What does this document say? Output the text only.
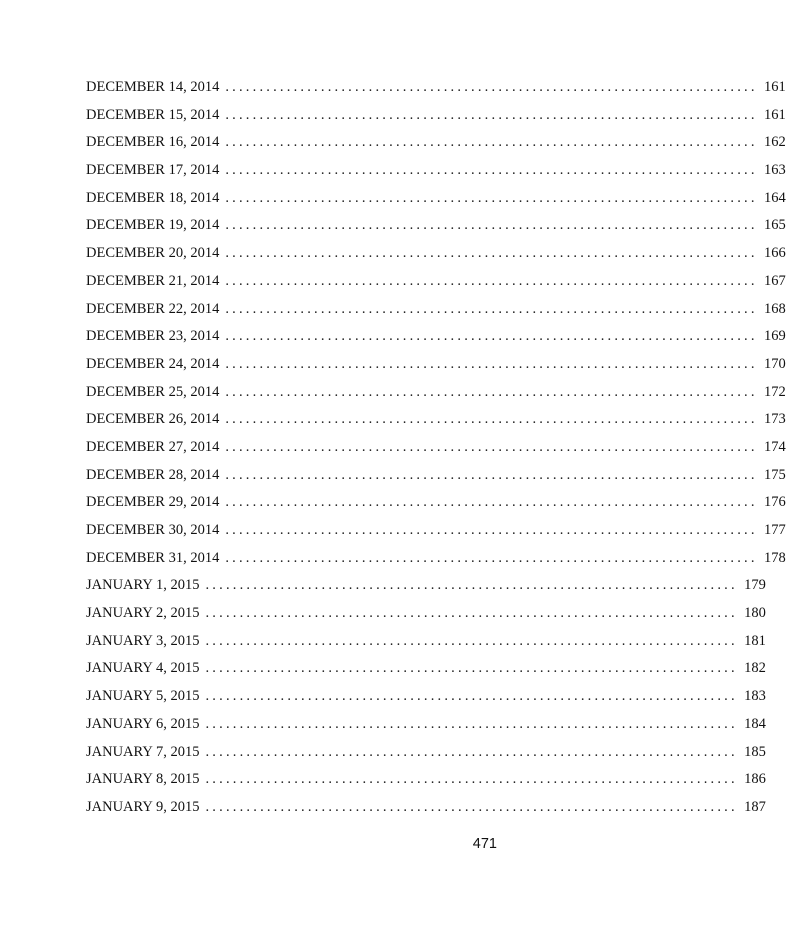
DECEMBER 14, 2014 .............................................................................. 161
DECEMBER 15, 2014 .............................................................................. 161
DECEMBER 16, 2014 .............................................................................. 162
DECEMBER 17, 2014 .............................................................................. 163
DECEMBER 18, 2014 .............................................................................. 164
DECEMBER 19, 2014 .............................................................................. 165
DECEMBER 20, 2014 .............................................................................. 166
DECEMBER 21, 2014 .............................................................................. 167
DECEMBER 22, 2014 .............................................................................. 168
DECEMBER 23, 2014 .............................................................................. 169
DECEMBER 24, 2014 .............................................................................. 170
DECEMBER 25, 2014 .............................................................................. 172
DECEMBER 26, 2014 .............................................................................. 173
DECEMBER 27, 2014 .............................................................................. 174
DECEMBER 28, 2014 .............................................................................. 175
DECEMBER 29, 2014 .............................................................................. 176
DECEMBER 30, 2014 .............................................................................. 177
DECEMBER 31, 2014 .............................................................................. 178
JANUARY 1, 2015 .............................................................................. 179
JANUARY 2, 2015 .............................................................................. 180
JANUARY 3, 2015 .............................................................................. 181
JANUARY 4, 2015 .............................................................................. 182
JANUARY 5, 2015 .............................................................................. 183
JANUARY 6, 2015 .............................................................................. 184
JANUARY 7, 2015 .............................................................................. 185
JANUARY 8, 2015 .............................................................................. 186
JANUARY 9, 2015 .............................................................................. 187
471
